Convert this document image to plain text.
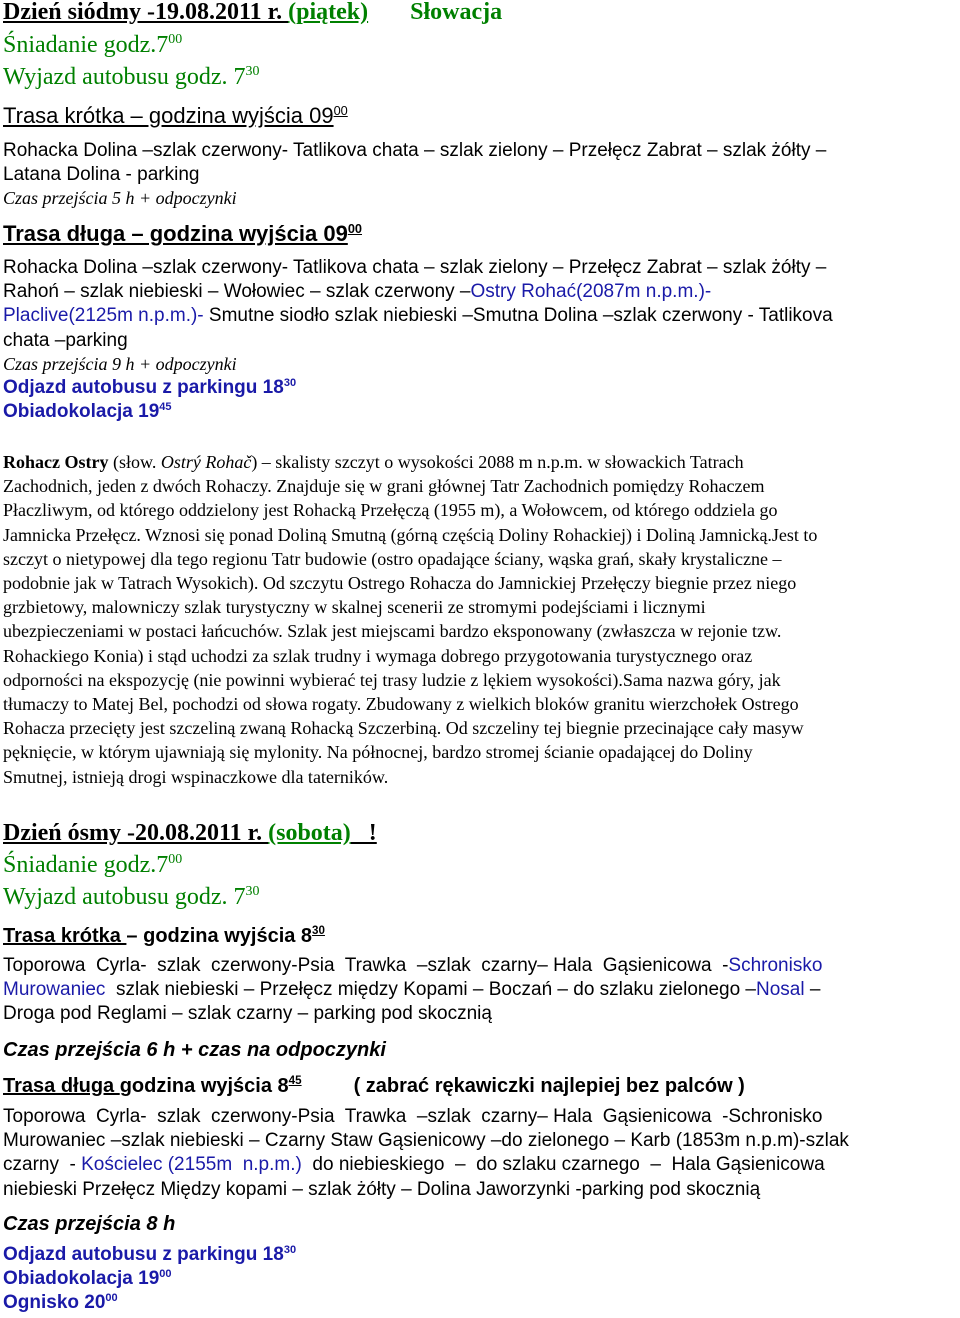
Dzień siódmy -19.08.2011 r. (piątek) Słowacja
Śniadanie $godz.7^{00}$
Wyjazd autobusu godz. $7^{30}$
Trasa krótka – godzina wyjścia $09^{00}$
Rohacka Dolina –szlak czerwony- Tatlikova chata – szlak zielony – Przełęcz Zabrat – szlak żółty –
Latana Dolina - parking
Czas przejścia 5 h + odpoczynki
Trasa długa – godzina wyjścia $09^{00}$
Rohacka Dolina –szlak czerwony- Tatlikova chata – szlak zielony – Przełęcz Zabrat – szlak żółty –
Rahoń – szlak niebieski – Wołowiec – szlak czerwony –Ostry Rohać(2087m n.p.m.)-
Placlive(2125m n.p.m.)- Smutne siodło szlak niebieski –Smutna Dolina –szlak czerwony - Tatlikova
chata –parking
Czas przejścia 9 h + odpoczynki
Odjazd autobusu z parkingu $18^{30}$
Obiadokolacja $19^{45}$
Rohacz Ostry (słow. Ostrý Rohač) – skalisty szczyt o wysokości 2088 m n.p.m. w słowackich Tatrach
Zachodnich, jeden z dwóch Rohaczy. Znajduje się w grani głównej Tatr Zachodnich pomiędzy Rohaczem
Płaczliwym, od którego oddzielony jest Rohacką Przełęczą (1955 m), a Wołowcem, od którego oddziela go
Jamnicka Przełęcz. Wznosi się ponad Doliną Smutną (górną częścią Doliny Rohackiej) i Doliną Jamnicką.Jest to
szczyt o nietypowej dla tego regionu Tatr budowie (ostro opadające ściany, wąska grań, skały krystaliczne –
podobnie jak w Tatrach Wysokich). Od szczytu Ostrego Rohacza do Jamnickiej Przełęczy biegnie przez niego
grzbietowy, malowniczy szlak turystyczny w skalnej scenerii ze stromymi podejściami i licznymi
ubezpieczeniami w postaci łańcuchów. Szlak jest miejscami bardzo eksponowany (zwłaszcza w rejonie tzw.
Rohackiego Konia) i stąd uchodzi za szlak trudny i wymaga dobrego przygotowania turystycznego oraz
odporności na ekspozycję (nie powinni wybierać tej trasy ludzie z lękiem wysokości).Sama nazwa góry, jak
tłumaczy to Matej Bel, pochodzi od słowa rogaty. Zbudowany z wielkich bloków granitu wierzchołek Ostrego
Rohacza przecięty jest szczeliną zwaną Rohacką Szczerbiną. Od szczeliny tej biegnie przecinające cały masyw
pęknięcie, w którym ujawniają się mylonity. Na północnej, bardzo stromej ścianie opadającej do Doliny
Smutnej, istnieją drogi wspinaczkowe dla taterników.
Dzień ósmy -20.08.2011 r. (sobota)   !
Śniadanie $godz.7^{00}$
Wyjazd autobusu godz. $7^{30}$
Trasa krótka – godzina wyjścia $8^{30}$
Toporowa  Cyrla-  szlak  czerwony-Psia  Trawka  –szlak  czarny– Hala  Gąsienicowa  -Schronisko
Murowaniec  szlak niebieski – Przełęcz między Kopami – Boczań – do szlaku zielonego –Nosal –
Droga pod Reglami – szlak czarny – parking pod skocznią
Czas przejścia 6 h + czas na odpoczynki
Trasa długa godzina wyjścia $8^{45}$	( zabrać rękawiczki najlepiej bez palców )
Toporowa  Cyrla-  szlak  czerwony-Psia  Trawka  –szlak  czarny– Hala  Gąsienicowa  -Schronisko
Murowaniec –szlak niebieski – Czarny Staw Gąsienicowy –do zielonego – Karb (1853m n.p.m)-szlak
czarny  - Kościelec (2155m  n.p.m.)  do niebieskiego  –  do szlaku czarnego  –  Hala Gąsienicowa
niebieski Przełęcz Między kopami – szlak żółty – Dolina Jaworzynki -parking pod skocznią
Czas przejścia 8 h
Odjazd autobusu z parkingu $18^{30}$
Obiadokolacja $19^{00}$
Ognisko $20^{00}$
